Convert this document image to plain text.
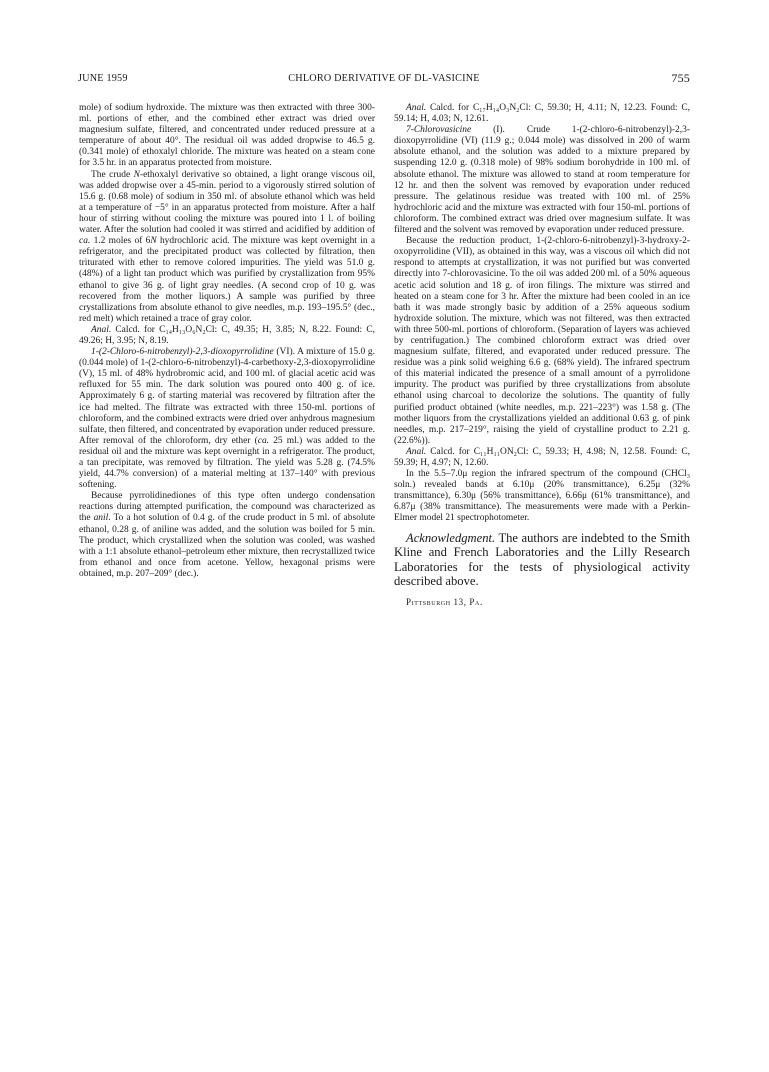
JUNE 1959	CHLORO DERIVATIVE OF DL-VASICINE	755

mole) of sodium hydroxide. The mixture was then extracted with three 300-ml. portions of ether, and the combined ether extract was dried over magnesium sulfate, filtered, and concentrated under reduced pressure at a temperature of about 40°. The residual oil was added dropwise to 46.5 g. (0.341 mole) of ethoxalyl chloride. The mixture was heated on a steam cone for 3.5 hr. in an apparatus protected from moisture.

The crude N-ethoxalyl derivative so obtained, a light orange viscous oil, was added dropwise over a 45-min. period to a vigorously stirred solution of 15.6 g. (0.68 mole) of sodium in 350 ml. of absolute ethanol which was held at a temperature of −5° in an apparatus protected from moisture. After a half hour of stirring without cooling the mixture was poured into 1 l. of boiling water. After the solution had cooled it was stirred and acidified by addition of ca. 1.2 moles of 6N hydrochloric acid. The mixture was kept overnight in a refrigerator, and the precipitated product was collected by filtration, then triturated with ether to remove colored impurities. The yield was 51.0 g. (48%) of a light tan product which was purified by crystallization from 95% ethanol to give 36 g. of light gray needles. (A second crop of 10 g. was recovered from the mother liquors.) A sample was purified by three crystallizations from absolute ethanol to give needles, m.p. 193–195.5° (dec., red melt) which retained a trace of gray color.

Anal. Calcd. for C₁₄H₁₃O₆N₂Cl: C, 49.35; H, 3.85; N, 8.22. Found: C, 49.26; H, 3.95; N, 8.19.

1-(2-Chloro-6-nitrobenzyl)-2,3-dioxopyrrolidine (VI). A mixture of 15.0 g. (0.044 mole) of 1-(2-chloro-6-nitrobenzyl)-4-carbethoxy-2,3-dioxopyrrolidine (V), 15 ml. of 48% hydrobromic acid, and 100 ml. of glacial acetic acid was refluxed for 55 min. The dark solution was poured onto 400 g. of ice. Approximately 6 g. of starting material was recovered by filtration after the ice had melted. The filtrate was extracted with three 150-ml. portions of chloroform, and the combined extracts were dried over anhydrous magnesium sulfate, then filtered, and concentrated by evaporation under reduced pressure. After removal of the chloroform, dry ether (ca. 25 ml.) was added to the residual oil and the mixture was kept overnight in a refrigerator. The product, a tan precipitate, was removed by filtration. The yield was 5.28 g. (74.5% yield, 44.7% conversion) of a material melting at 137–140° with previous softening.

Because pyrrolidinediones of this type often undergo condensation reactions during attempted purification, the compound was characterized as the anil. To a hot solution of 0.4 g. of the crude product in 5 ml. of absolute ethanol, 0.28 g. of aniline was added, and the solution was boiled for 5 min. The product, which crystallized when the solution was cooled, was washed with a 1:1 absolute ethanol–petroleum ether mixture, then recrystallized twice from ethanol and once from acetone. Yellow, hexagonal prisms were obtained, m.p. 207–209° (dec.).

Anal. Calcd. for C₁₇H₁₄O₃N₂Cl: C, 59.30; H, 4.11; N, 12.23. Found: C, 59.14; H, 4.03; N, 12.61.

7-Chlorovasicine (I). Crude 1-(2-chloro-6-nitrobenzyl)-2,3-dioxopyrrolidine (VI) (11.9 g.; 0.044 mole) was dissolved in 200 of warm absolute ethanol, and the solution was added to a mixture prepared by suspending 12.0 g. (0.318 mole) of 98% sodium borohydride in 100 ml. of absolute ethanol. The mixture was allowed to stand at room temperature for 12 hr. and then the solvent was removed by evaporation under reduced pressure. The gelatinous residue was treated with 100 ml. of 25% hydrochloric acid and the mixture was extracted with four 150-ml. portions of chloroform. The combined extract was dried over magnesium sulfate. It was filtered and the solvent was removed by evaporation under reduced pressure.

Because the reduction product, 1-(2-chloro-6-nitrobenzyl)-3-hydroxy-2-oxopyrrolidine (VII), as obtained in this way, was a viscous oil which did not respond to attempts at crystallization, it was not purified but was converted directly into 7-chlorovasicine. To the oil was added 200 ml. of a 50% aqueous acetic acid solution and 18 g. of iron filings. The mixture was stirred and heated on a steam cone for 3 hr. After the mixture had been cooled in an ice bath it was made strongly basic by addition of a 25% aqueous sodium hydroxide solution. The mixture, which was not filtered, was then extracted with three 500-ml. portions of chloroform. (Separation of layers was achieved by centrifugation.) The combined chloroform extract was dried over magnesium sulfate, filtered, and evaporated under reduced pressure. The residue was a pink solid weighing 6.6 g. (68% yield). The infrared spectrum of this material indicated the presence of a small amount of a pyrrolidone impurity. The product was purified by three crystallizations from absolute ethanol using charcoal to decolorize the solutions. The quantity of fully purified product obtained (white needles, m.p. 221–223°) was 1.58 g. (The mother liquors from the crystallizations yielded an additional 0.63 g. of pink needles, m.p. 217–219°, raising the yield of crystalline product to 2.21 g. (22.6%)).

Anal. Calcd. for C₁₁H₁₁ON₂Cl: C, 59.33; H, 4.98; N, 12.58. Found: C, 59.39; H, 4.97; N, 12.60.

In the 5.5–7.0μ region the infrared spectrum of the compound (CHCl₃ soln.) revealed bands at 6.10μ (20% transmittance), 6.25μ (32% transmittance), 6.30μ (56% transmittance), 6.66μ (61% transmittance), and 6.87μ (38% transmittance). The measurements were made with a Perkin-Elmer model 21 spectrophotometer.

Acknowledgment. The authors are indebted to the Smith Kline and French Laboratories and the Lilly Research Laboratories for the tests of physiological activity described above.

Pittsburgh 13, Pa.
